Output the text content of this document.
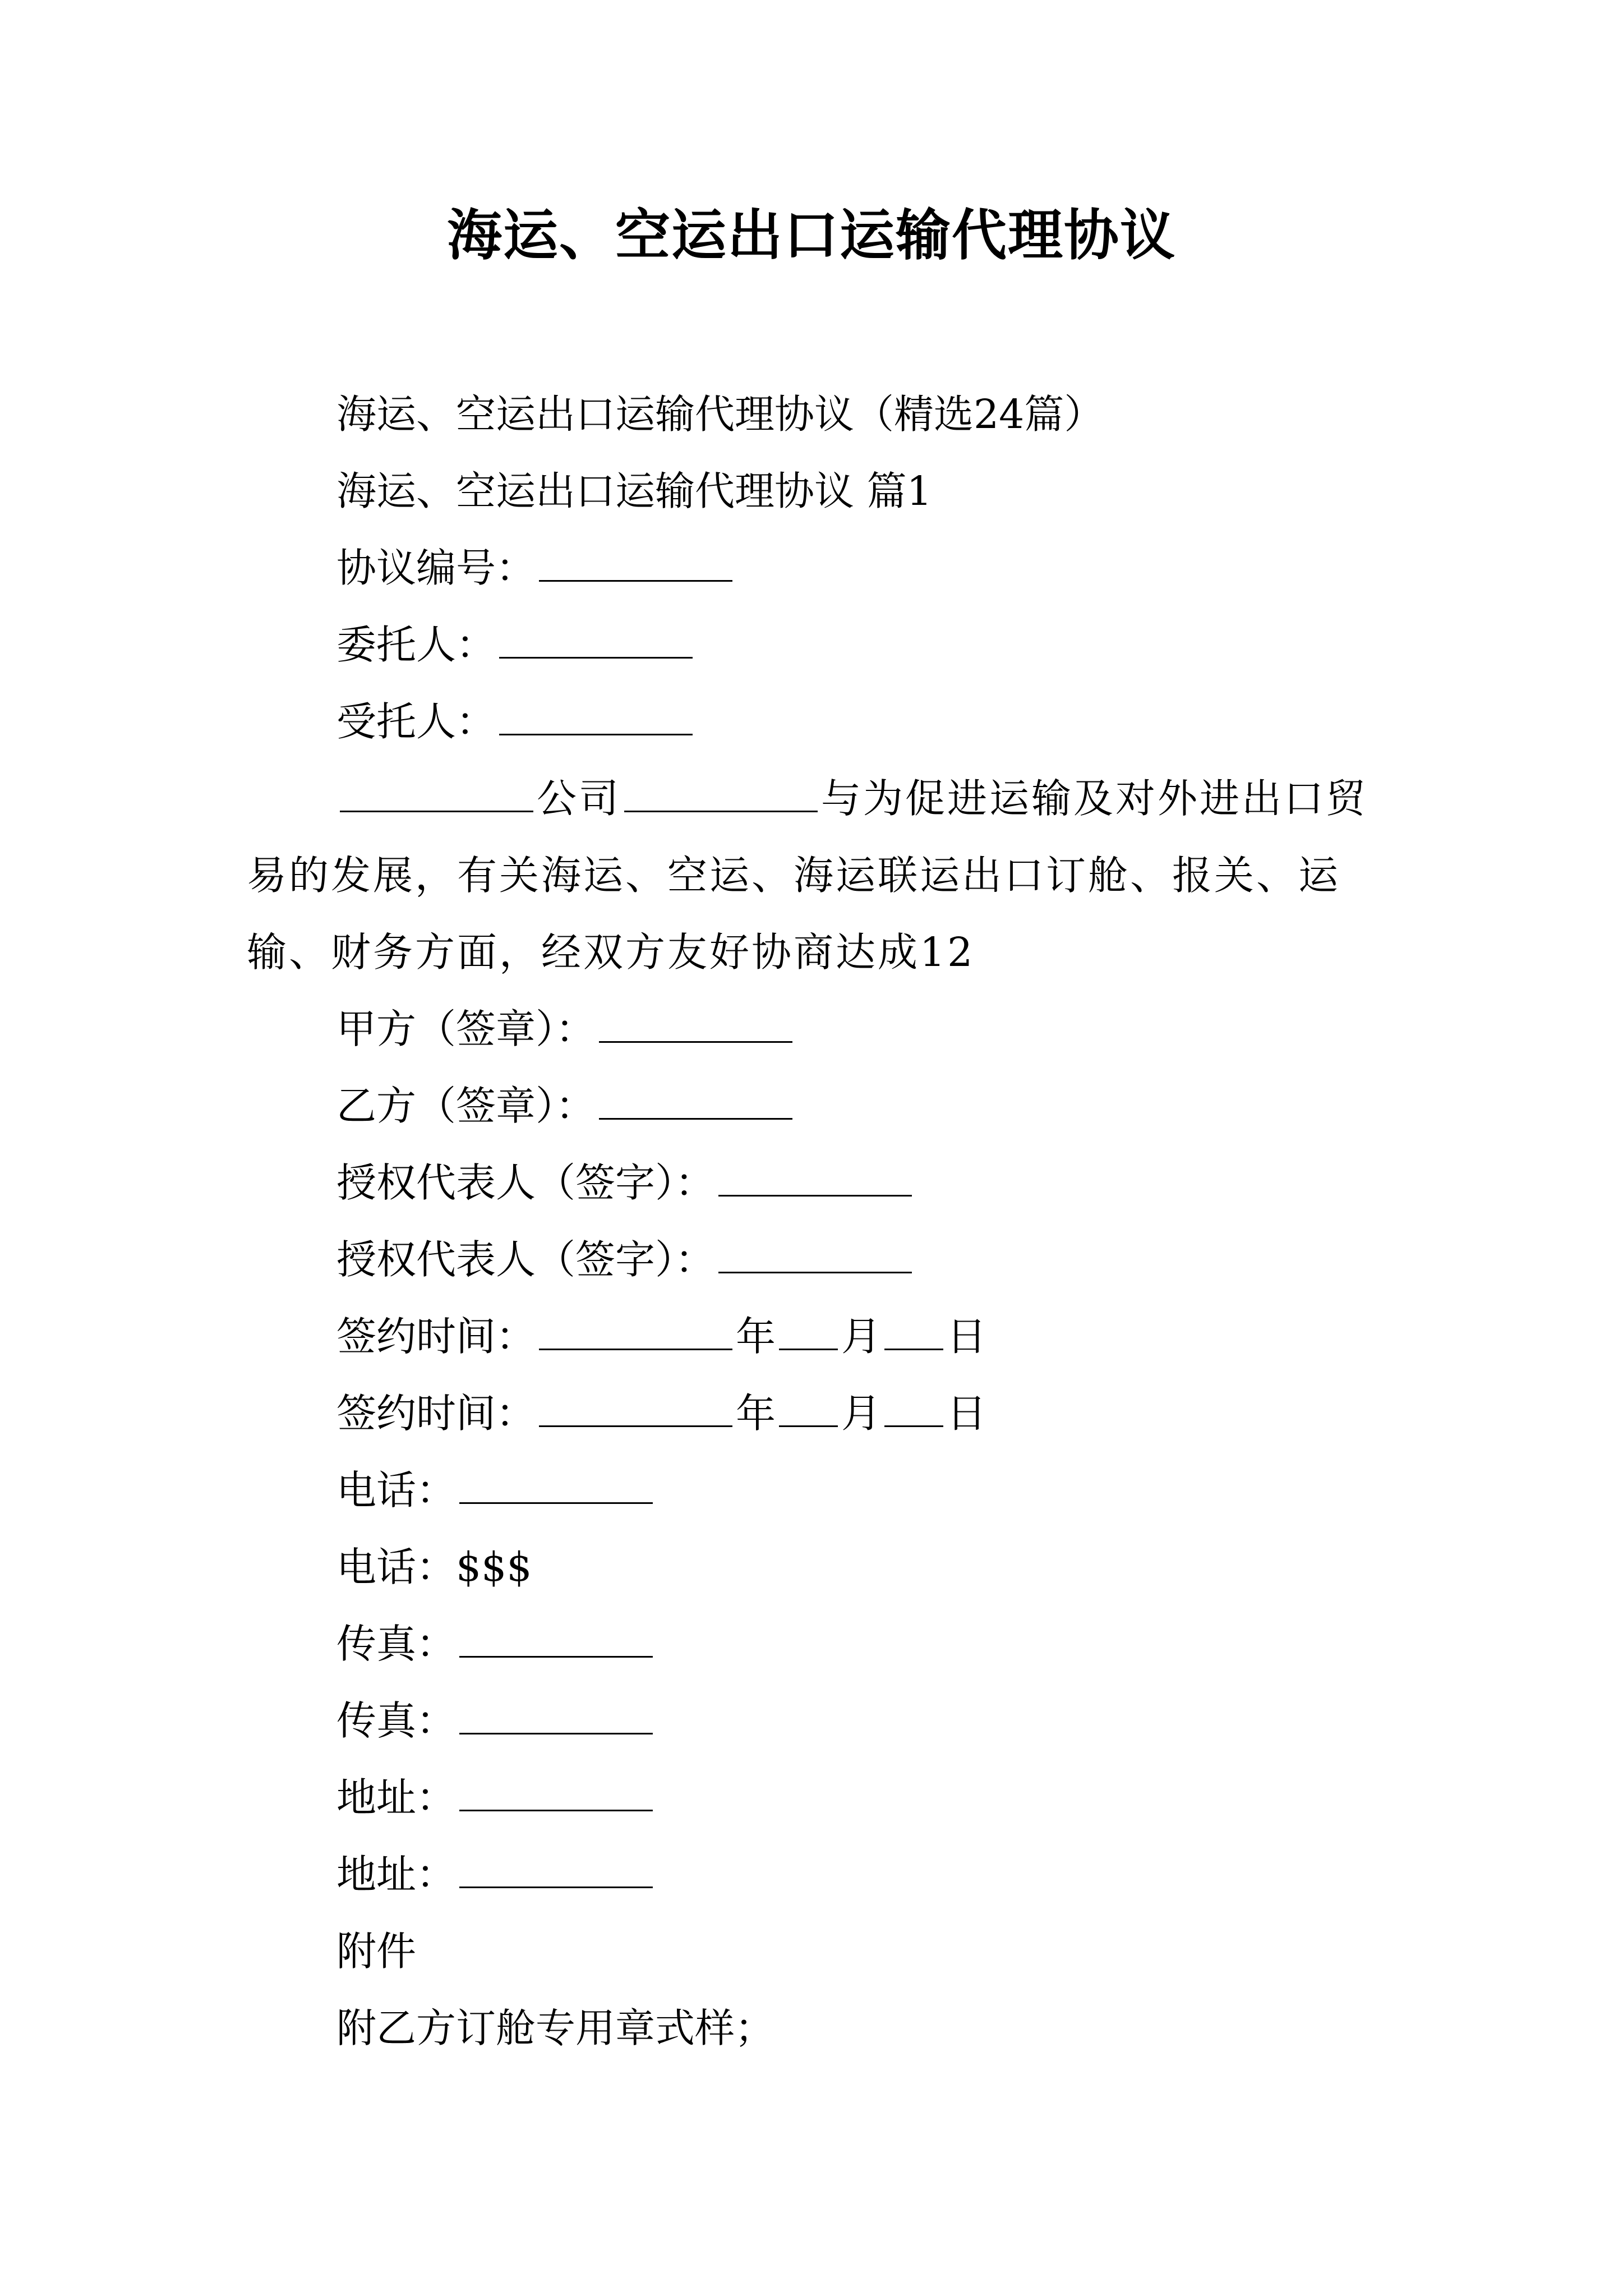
海运、空运出口运输代理协议
海运、空运出口运输代理协议（精选24篇）
海运、空运出口运输代理协议 篇1
协议编号：
委托人：
受托人：
公司	与为促进运输及对外进出口贸易的发展，有关海运、空运、海运联运出口订舱、报关、运输、财务方面，经双方友好协商达成12
甲方（签章）：
乙方（签章）：
授权代表人（签字）：
授权代表人（签字）：
签约时间：	年 月 日
签约时间：	年 月 日
电话：
电话：$$$
传真：
传真：
地址：
地址：
附件
附乙方订舱专用章式样；
